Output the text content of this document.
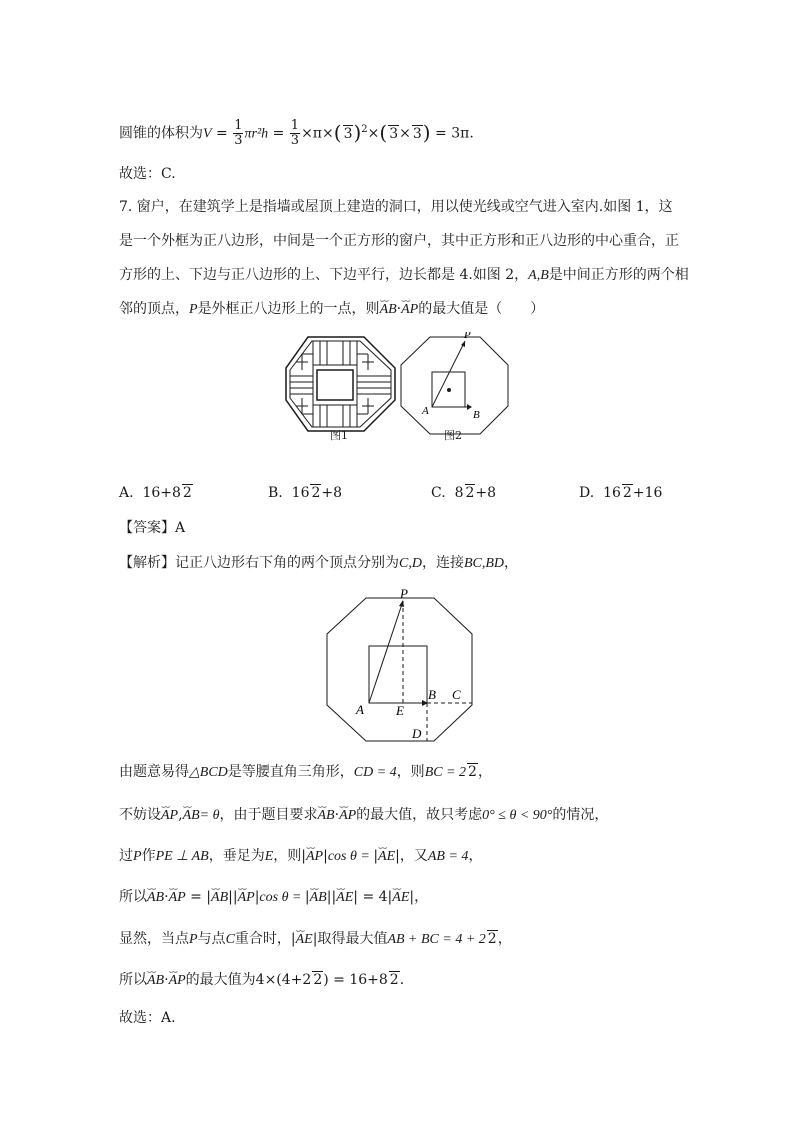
圆锥的体积为$V = \frac{1}{3} \pi r^2h = \frac{1}{3} \times\pi\times$( 3)$^2$×( 3× 3) = 3π.
故选：C.
7. 窗户，在建筑学上是指墙或屋顶上建造的洞口，用以使光线或空气进入室内.如图 1，这
是一个外框为正八边形，中间是一个正方形的窗户，其中正方形和正八边形的中心重合，正
方形的上、下边与正八边形的上、下边平行，边长都是 4.如图 2，A,B是中间正方形的两个相
邻的顶点，P是外框正八边形上的一点，则⌣⌣ AB·⌣⌣ AP的最大值是（　　）
P
A	B
图1	图2
A. 16+8 2	B. 16 2+8	C. 8 2+8	D. 16 2+16
【答案】A
【解析】记正八边形右下角的两个顶点分别为C,D，连接BC,BD，
P
A E
B C
D
由题意易得△BCD是等腰直角三角形，CD = 4，则BC = 2 2，
不妨设⌣⌣ AP,⌣⌣ AB= θ，由于题目要求⌣⌣ AB·⌣⌣ AP的最大值，故只考虑0° ≤ θ < 90°的情况，
过P作PE ⊥ AB，垂足为E，则|⌣⌣ AP|cos θ = |⌣⌣ AE|，又AB = 4，
所以⌣⌣ AB·⌣⌣ AP = |⌣⌣ AB||⌣⌣ AP|cos θ = |⌣⌣ AB||⌣⌣ AE| = 4|⌣⌣ AE|，
显然，当点P与点C重合时，|⌣⌣ AE|取得最大值AB + BC = 4 + 2 2，
所以⌣⌣ AB·⌣⌣ AP的最大值为4×(4+2 2) = 16+8 2.
故选：A.
